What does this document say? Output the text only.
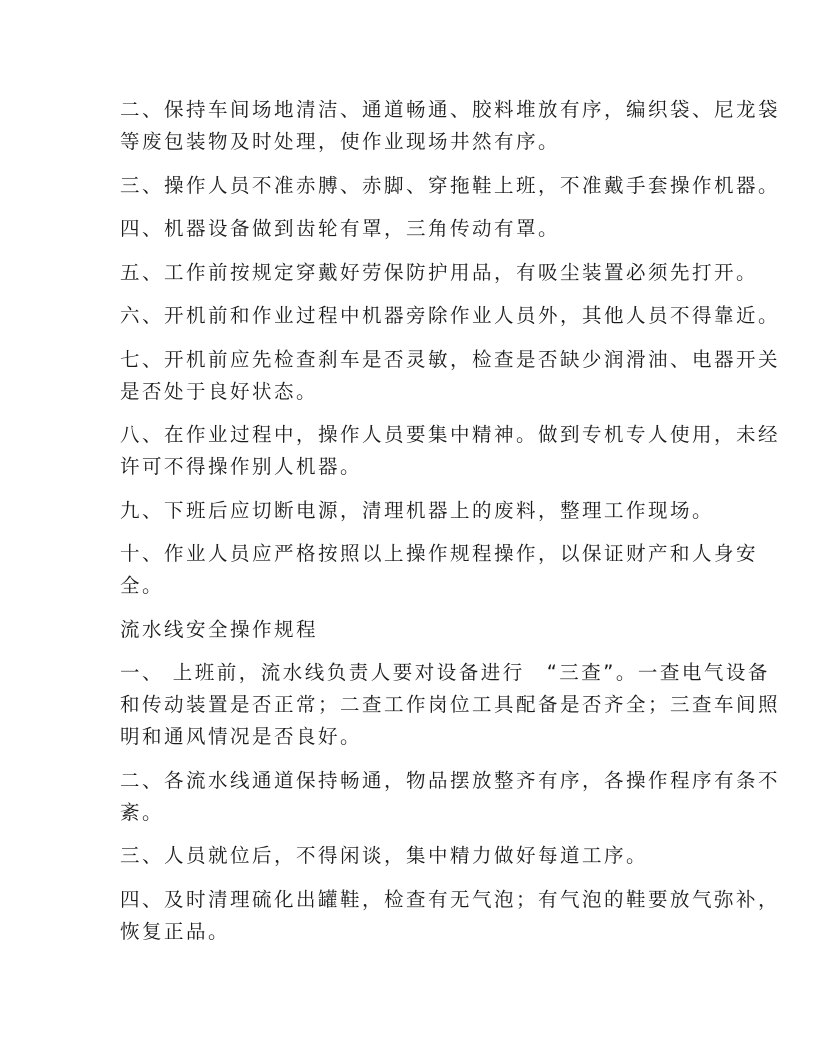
二、保持车间场地清洁、通道畅通、胶料堆放有序，编织袋、尼龙袋
等废包装物及时处理，使作业现场井然有序。
三、操作人员不准赤膊、赤脚、穿拖鞋上班，不准戴手套操作机器。
四、机器设备做到齿轮有罩，三角传动有罩。
五、工作前按规定穿戴好劳保防护用品，有吸尘装置必须先打开。
六、开机前和作业过程中机器旁除作业人员外，其他人员不得靠近。
七、开机前应先检查刹车是否灵敏，检查是否缺少润滑油、电器开关
是否处于良好状态。
八、在作业过程中，操作人员要集中精神。做到专机专人使用，未经
许可不得操作别人机器。
九、下班后应切断电源，清理机器上的废料，整理工作现场。
十、作业人员应严格按照以上操作规程操作，以保证财产和人身安
全。
流水线安全操作规程
一、 上班前，流水线负责人要对设备进行　“三查”。一查电气设备
和传动装置是否正常；二查工作岗位工具配备是否齐全；三查车间照
明和通风情况是否良好。
二、各流水线通道保持畅通，物品摆放整齐有序，各操作程序有条不
紊。
三、人员就位后，不得闲谈，集中精力做好每道工序。
四、及时清理硫化出罐鞋，检查有无气泡；有气泡的鞋要放气弥补，
恢复正品。
